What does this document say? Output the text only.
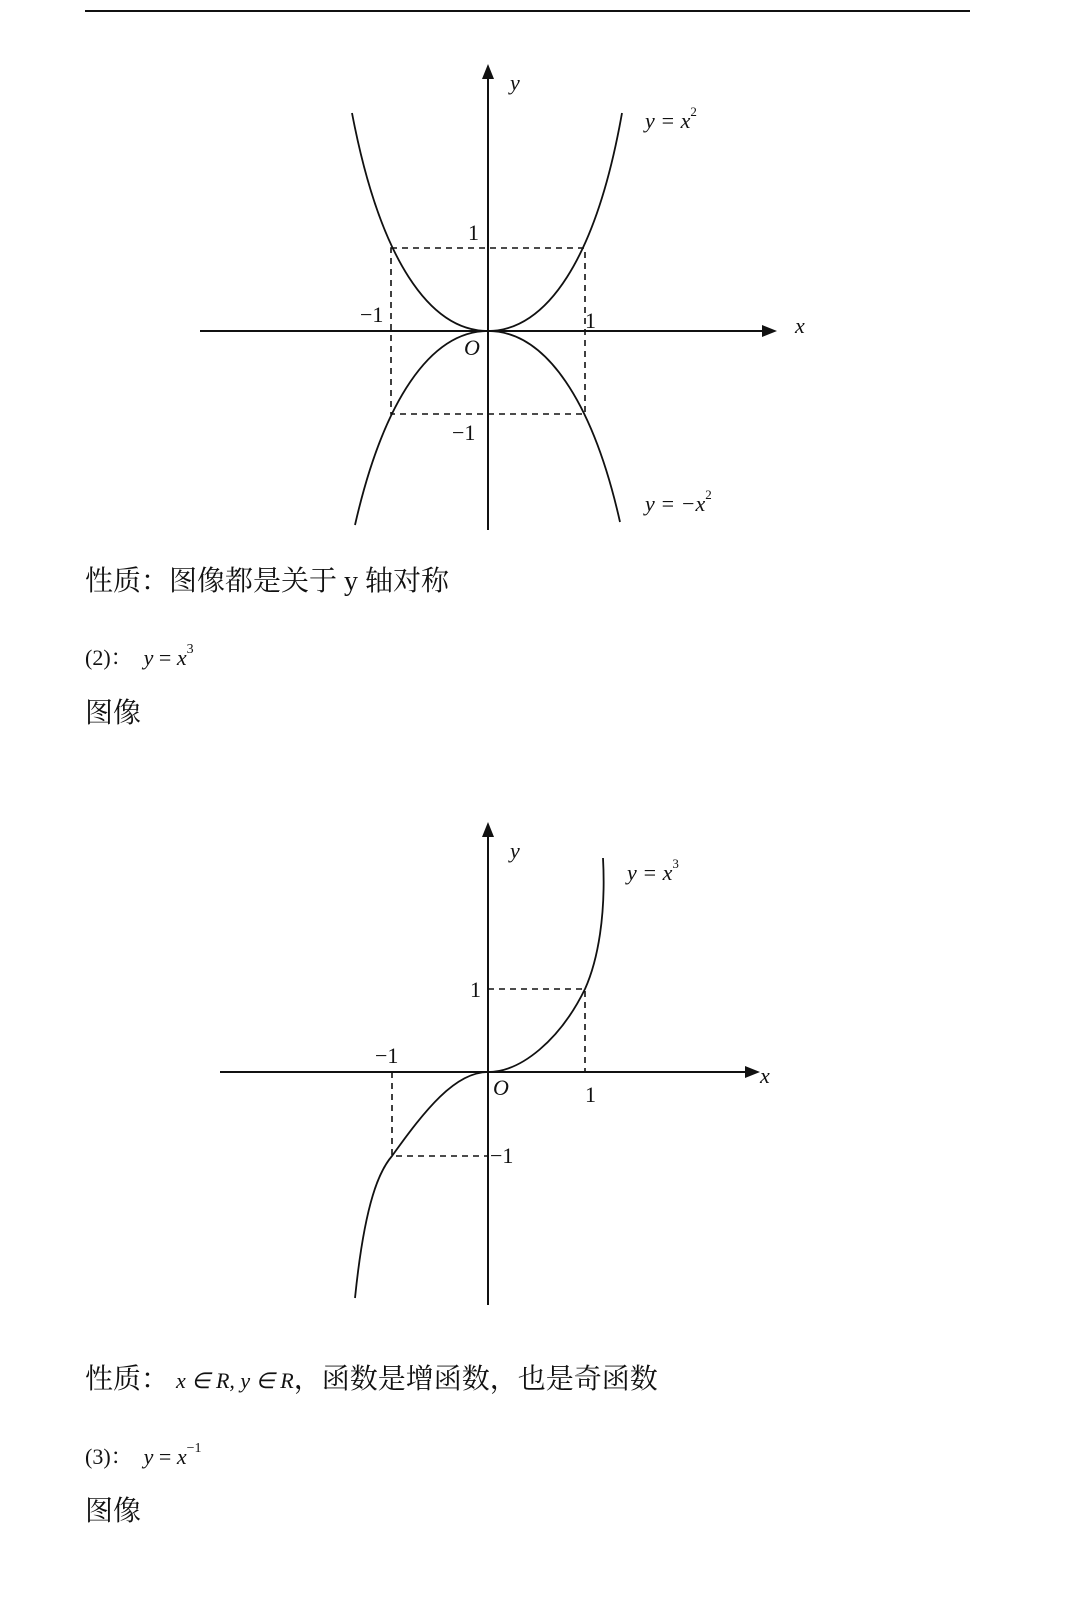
y
x
O
1
−1
−1	1
$y = x^2$
$y = -x^2$
性质：图像都是关于 y 轴对称
(2)： $y = x^3$
图像
y
x
O
1
−1
−1
1
$y = x^3$
性质： x ∈ R, y ∈ R，函数是增函数，也是奇函数
(3)： $y = x^{-1}$
图像
